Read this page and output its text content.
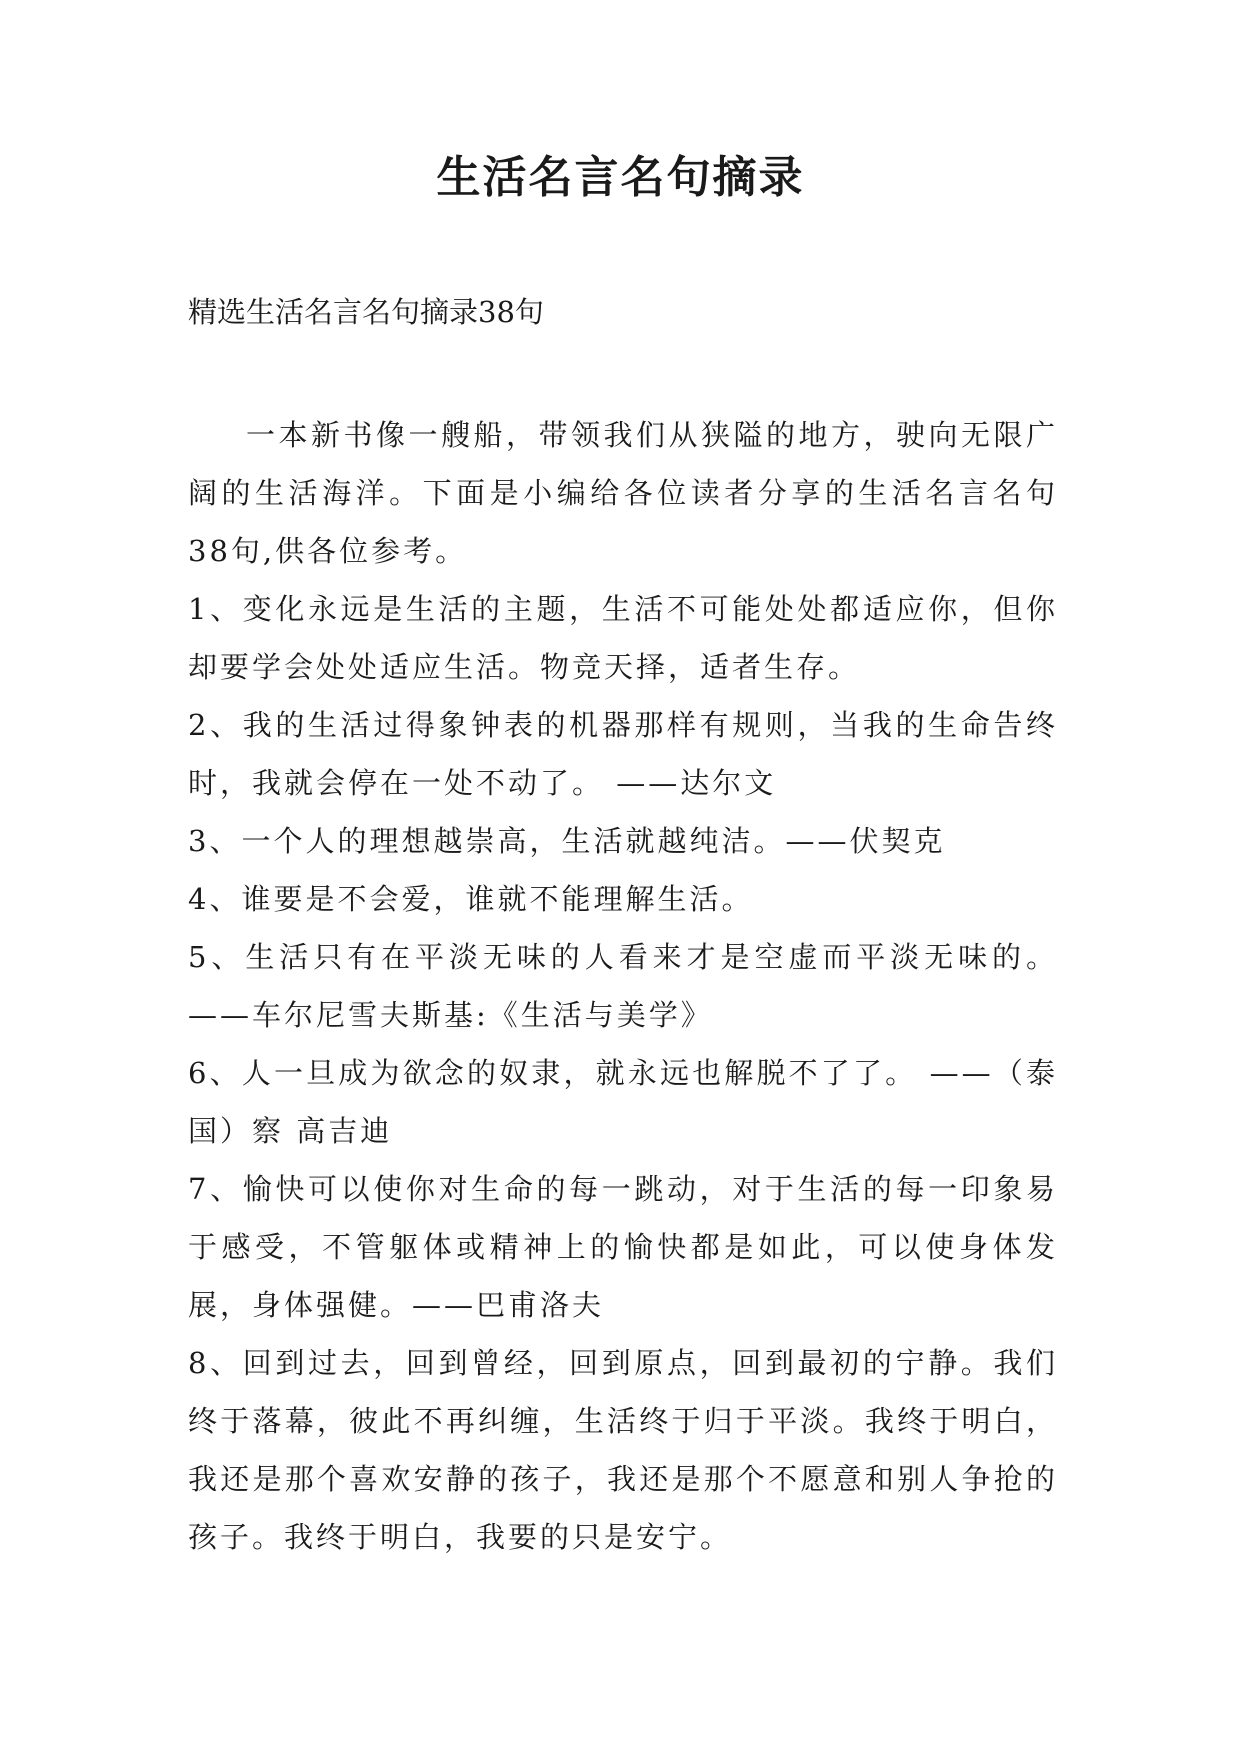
生活名言名句摘录
精选生活名言名句摘录38句

一本新书像一艘船，带领我们从狭隘的地方，驶向无限广阔的生活海洋。下面是小编给各位读者分享的生活名言名句38句,供各位参考。

1、变化永远是生活的主题，生活不可能处处都适应你，但你却要学会处处适应生活。物竞天择，适者生存。

2、我的生活过得象钟表的机器那样有规则，当我的生命告终时，我就会停在一处不动了。 ——达尔文

3、一个人的理想越崇高，生活就越纯洁。——伏契克

4、谁要是不会爱，谁就不能理解生活。

5、生活只有在平淡无味的人看来才是空虚而平淡无味的。——车尔尼雪夫斯基:《生活与美学》

6、人一旦成为欲念的奴隶，就永远也解脱不了了。 ——（泰国）察 高吉迪

7、愉快可以使你对生命的每一跳动，对于生活的每一印象易于感受，不管躯体或精神上的愉快都是如此，可以使身体发展，身体强健。——巴甫洛夫

8、回到过去，回到曾经，回到原点，回到最初的宁静。我们终于落幕，彼此不再纠缠，生活终于归于平淡。我终于明白，我还是那个喜欢安静的孩子，我还是那个不愿意和别人争抢的孩子。我终于明白，我要的只是安宁。
